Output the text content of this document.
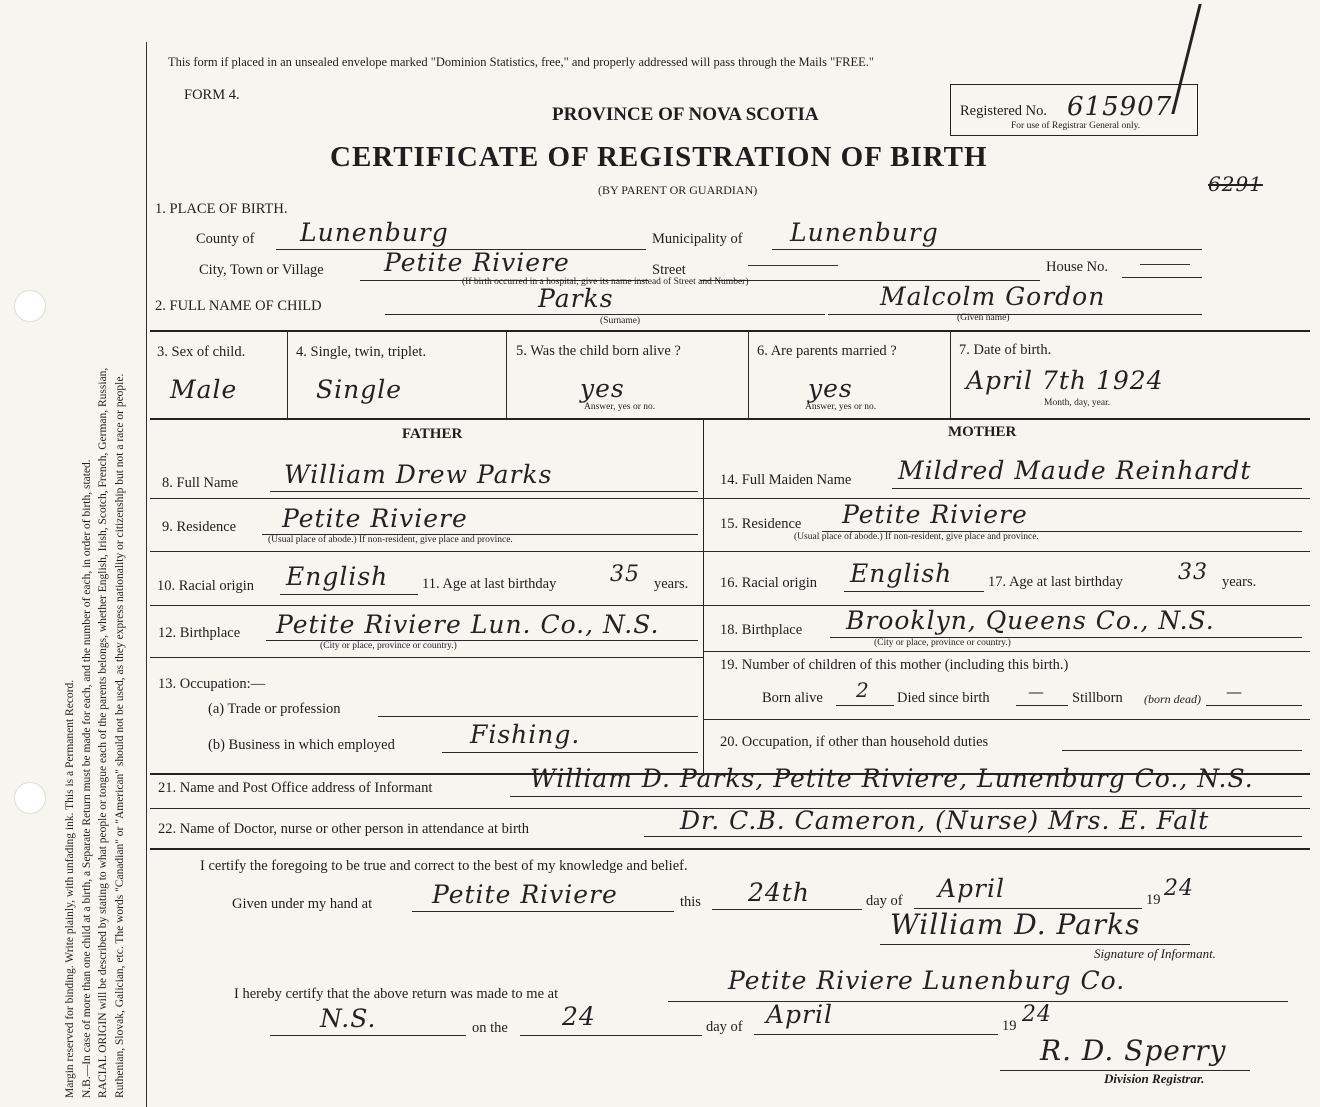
Margin reserved for binding. Write plainly, with unfading ink. This is a Permanent Record. N.B.—In case of more than one child at a birth, a Separate Return must be made for each, and the number of each, in order of birth, stated. RACIAL ORIGIN will be described by stating to what people or tongue each of the parents belongs, whether English, Irish, Scotch, French, German, Russian, Ruthenian, Slovak, Galician, etc. The words "Canadian" or "American" should not be used, as they express nationality or citizenship but not a race or people.
This form if placed in an unsealed envelope marked "Dominion Statistics, free," and properly addressed will pass through the Mails "FREE."
FORM 4.
PROVINCE OF NOVA SCOTIA
CERTIFICATE OF REGISTRATION OF BIRTH
(BY PARENT OR GUARDIAN)
Registered No. 615907
For use of Registrar General only.
6291
1. PLACE OF BIRTH.
County of Lunenburg	Municipality of Lunenburg
City, Town or Village Petite Riviere	Street	House No.
(If birth occurred in a hospital, give its name instead of Street and Number)
2. FULL NAME OF CHILD	Parks
(Surname)
Malcolm Gordon
(Given name)
3. Sex of child.
Male
4. Single, twin, triplet.
Single
5. Was the child born alive ?
yes
Answer, yes or no.
6. Are parents married ?
yes
Answer, yes or no.
7. Date of birth.
April 7th 1924
Month, day, year.
FATHER	MOTHER
8. Full Name William Drew Parks
9. Residence Petite Riviere
(Usual place of abode.) If non-resident, give place and province.
10. Racial origin English 11. Age at last birthday 35 years.
12. Birthplace Petite Riviere Lun. Co., N.S.
(City or place, province or country.)
13. Occupation:—
(a) Trade or profession
(b) Business in which employed	Fishing.
14. Full Maiden Name Mildred Maude Reinhardt
15. Residence Petite Riviere
(Usual place of abode.) If non-resident, give place and province.
16. Racial origin English 17. Age at last birthday	33 years.
18. Birthplace Brooklyn, Queens Co., N.S.
(City or place, province or country.)
19. Number of children of this mother (including this birth.)
Born alive 2 Died since birth — Stillborn (born dead) —
20. Occupation, if other than household duties
21. Name and Post Office address of Informant	William D. Parks, Petite Riviere, Lunenburg Co., N.S.
22. Name of Doctor, nurse or other person in attendance at birth	Dr. C.B. Cameron, (Nurse) Mrs. E. Falt
I certify the foregoing to be true and correct to the best of my knowledge and belief.
Given under my hand at Petite Riviere	this 24th	day of April	19 24
William D. Parks
Signature of Informant.
I hereby certify that the above return was made to me at	Petite Riviere Lunenburg Co.
N.S.	on the 24	day of April	19 24
R. D. Sperry
Division Registrar.
